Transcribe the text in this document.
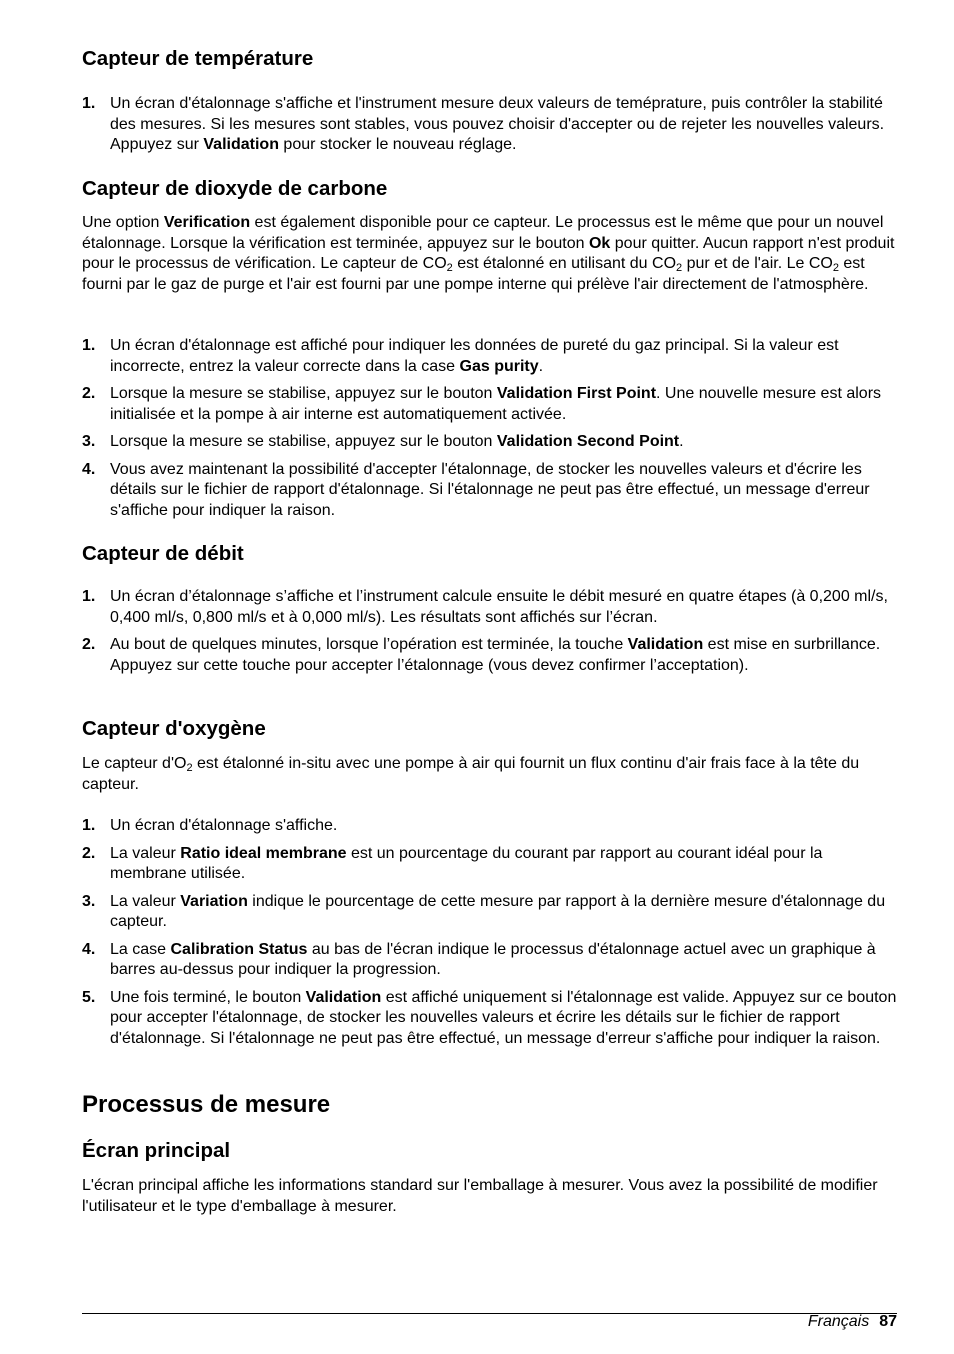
Capteur de température
1. Un écran d'étalonnage s'affiche et l'instrument mesure deux valeurs de teméprature, puis contrôler la stabilité des mesures. Si les mesures sont stables, vous pouvez choisir d'accepter ou de rejeter les nouvelles valeurs. Appuyez sur Validation pour stocker le nouveau réglage.
Capteur de dioxyde de carbone

Une option Verification est également disponible pour ce capteur. Le processus est le même que pour un nouvel étalonnage. Lorsque la vérification est terminée, appuyez sur le bouton Ok pour quitter. Aucun rapport n'est produit pour le processus de vérification. Le capteur de $CO_2$ est étalonné en utilisant du $CO_2$ pur et de l'air. Le $CO_2$ est fourni par le gaz de purge et l'air est fourni par une pompe interne qui prélève l'air directement de l'atmosphère.

1. Un écran d'étalonnage est affiché pour indiquer les données de pureté du gaz principal. Si la valeur est incorrecte, entrez la valeur correcte dans la case Gas purity.
2. Lorsque la mesure se stabilise, appuyez sur le bouton Validation First Point. Une nouvelle mesure est alors initialisée et la pompe à air interne est automatiquement activée.
3. Lorsque la mesure se stabilise, appuyez sur le bouton Validation Second Point.
4. Vous avez maintenant la possibilité d'accepter l'étalonnage, de stocker les nouvelles valeurs et d'écrire les détails sur le fichier de rapport d'étalonnage. Si l'étalonnage ne peut pas être effectué, un message d'erreur s'affiche pour indiquer la raison.
Capteur de débit
1. Un écran d’étalonnage s’affiche et l’instrument calcule ensuite le débit mesuré en quatre étapes (à 0,200 ml/s, 0,400 ml/s, 0,800 ml/s et à 0,000 ml/s). Les résultats sont affichés sur l’écran.
2. Au bout de quelques minutes, lorsque l’opération est terminée, la touche Validation est mise en surbrillance. Appuyez sur cette touche pour accepter l’étalonnage (vous devez confirmer l’acceptation).
Capteur d'oxygène

Le capteur $d'O_2$ est étalonné in-situ avec une pompe à air qui fournit un flux continu d'air frais face à la tête du capteur.

1. Un écran d'étalonnage s'affiche.
2. La valeur Ratio ideal membrane est un pourcentage du courant par rapport au courant idéal pour la membrane utilisée.
3. La valeur Variation indique le pourcentage de cette mesure par rapport à la dernière mesure d'étalonnage du capteur.
4. La case Calibration Status au bas de l'écran indique le processus d'étalonnage actuel avec un graphique à barres au-dessus pour indiquer la progression.
5. Une fois terminé, le bouton Validation est affiché uniquement si l'étalonnage est valide. Appuyez sur ce bouton pour accepter l'étalonnage, de stocker les nouvelles valeurs et écrire les détails sur le fichier de rapport d'étalonnage. Si l'étalonnage ne peut pas être effectué, un message d'erreur s'affiche pour indiquer la raison.
Processus de mesure
Écran principal

L'écran principal affiche les informations standard sur l'emballage à mesurer. Vous avez la possibilité de modifier l'utilisateur et le type d'emballage à mesurer.

Français 87
